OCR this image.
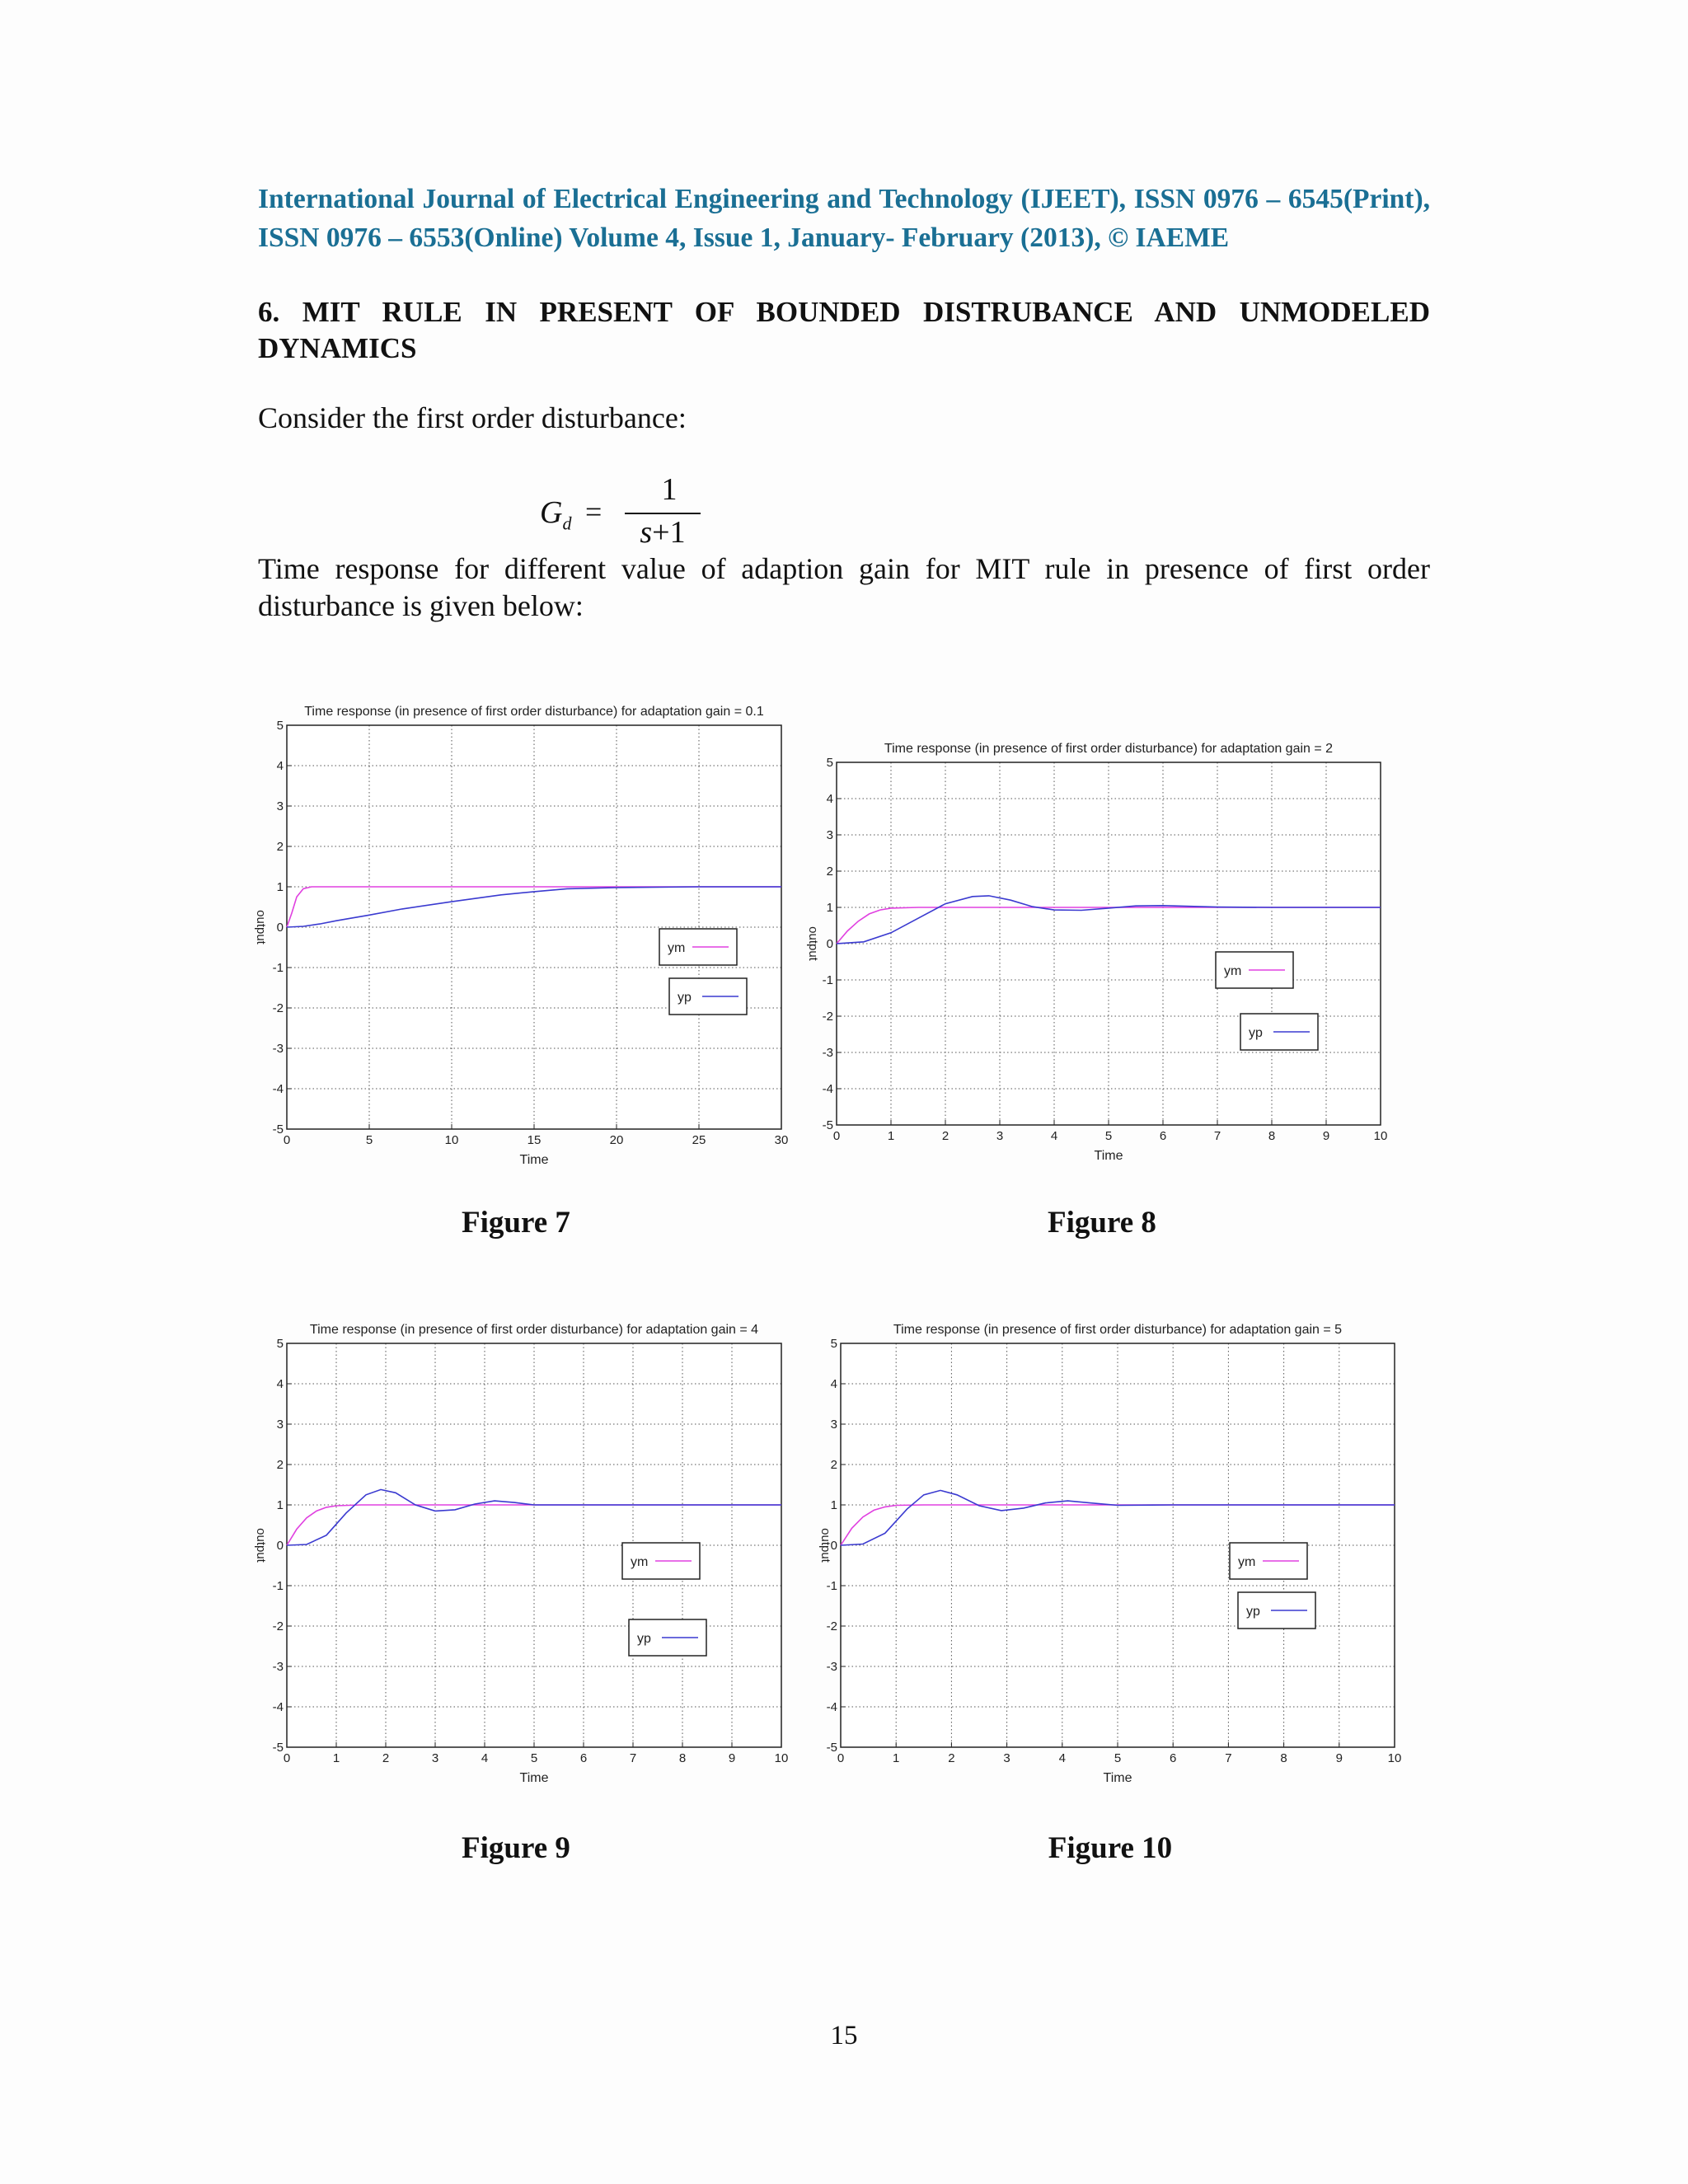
International Journal of Electrical Engineering and Technology (IJEET), ISSN 0976 – 6545(Print), ISSN 0976 – 6553(Online) Volume 4, Issue 1, January- February (2013), © IAEME
6. MIT RULE IN PRESENT OF BOUNDED DISTRUBANCE AND UNMODELED DYNAMICS
Consider the first order disturbance:
$G_d$ =
1
s+1
Time response for different value of adaption gain for MIT rule in presence of first order disturbance is given below:
0	5	10	15	20	25	30
-5
-4
-3
-2
-1
0
1
2
3
4
5
Time response (in presence of first order disturbance) for adaptation gain = 0.1
Time
output
ym
yp
Figure 7
0	1	2	3	4	5	6	7	8	9	10
-5
-4
-3
-2
-1
0
1
2
3
4
5
Time response (in presence of first order disturbance) for adaptation gain = 2
Time
output
ym
yp
Figure 8
0	1	2	3	4	5	6	7	8	9	10
-5
-4
-3
-2
-1
0
1
2
3
4
5
Time response (in presence of first order disturbance) for adaptation gain = 4
Time
output	ym
yp
Figure 9
0	1	2	3	4	5	6	7	8	9	10
-5
-4
-3
-2
-1
0
1
2
3
4
5
Time response (in presence of first order disturbance) for adaptation gain = 5
Time
output	ym
yp
Figure 10
15
